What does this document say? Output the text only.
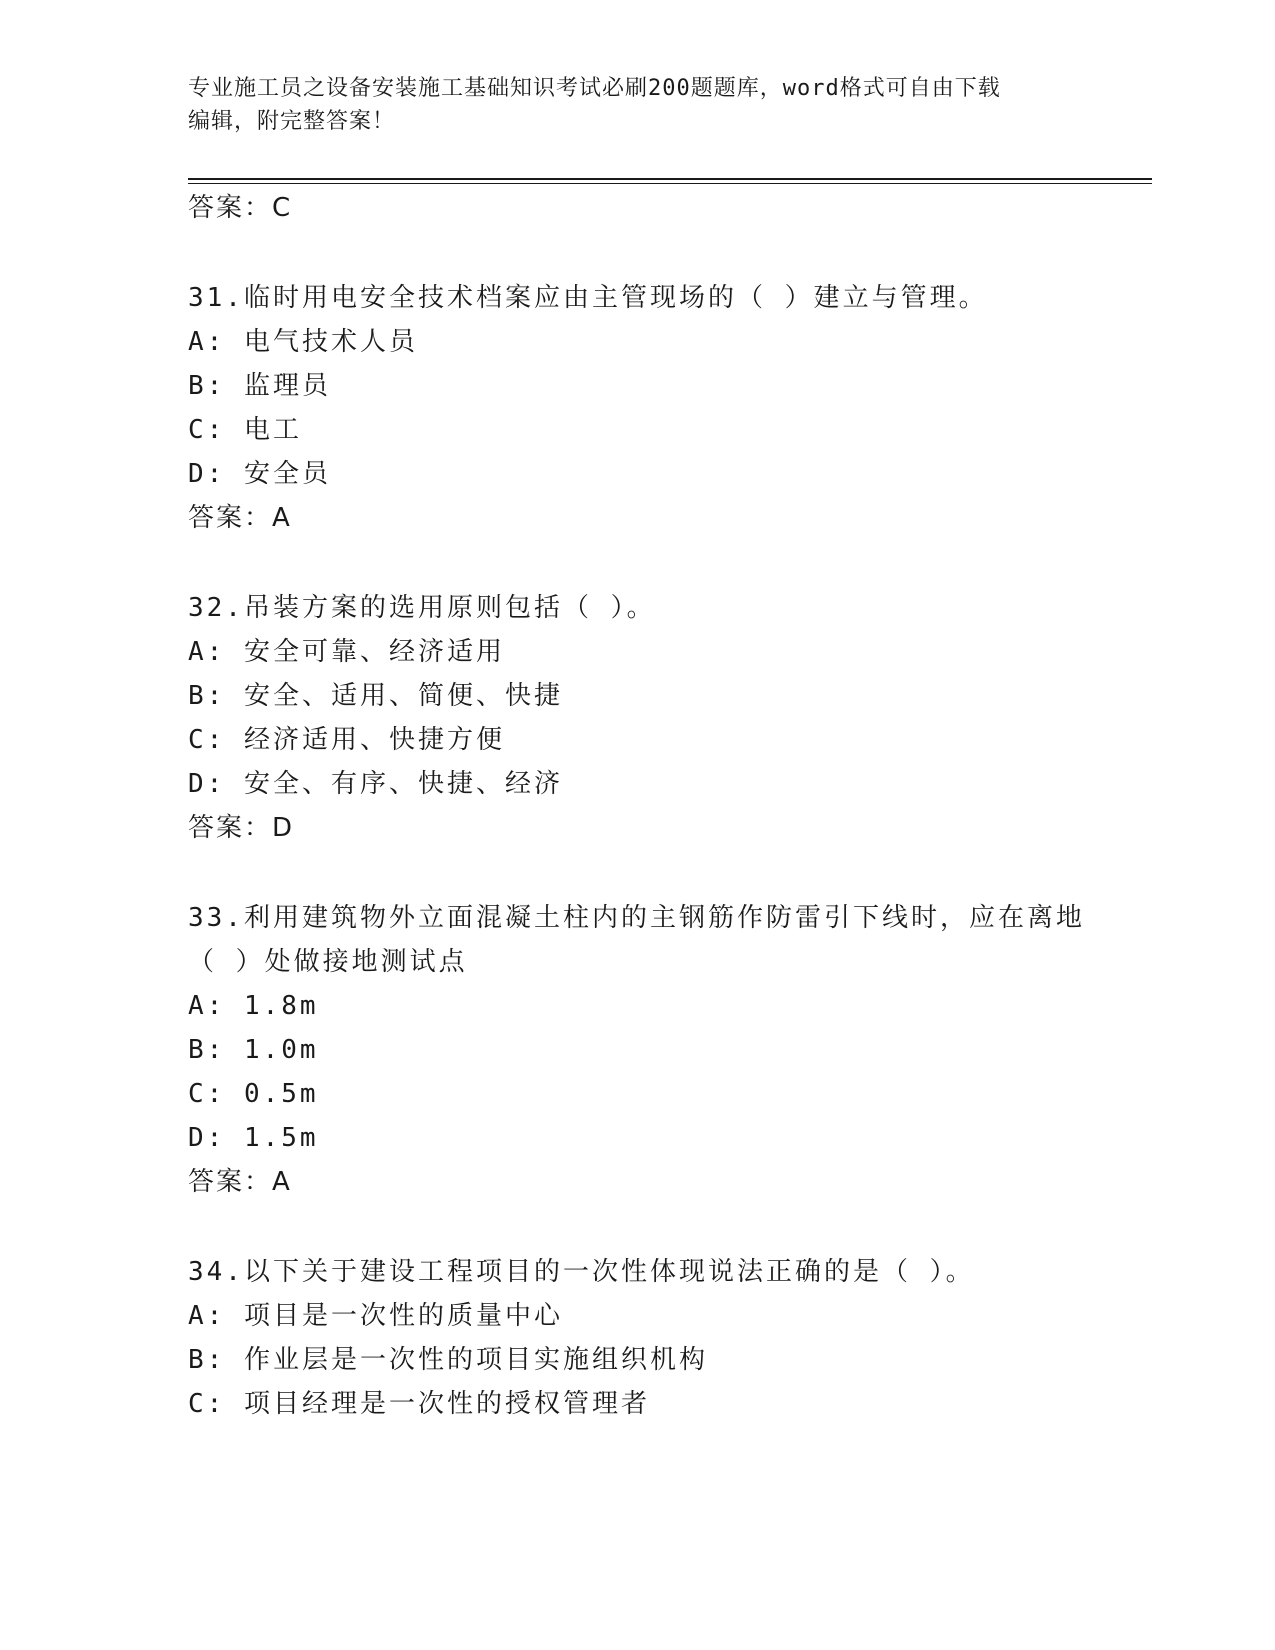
专业施工员之设备安装施工基础知识考试必刷200题题库，word格式可自由下载
编辑，附完整答案！
答案：C
31.临时用电安全技术档案应由主管现场的（ ）建立与管理。
A: 电气技术人员
B: 监理员
C: 电工
D: 安全员
答案：A
32.吊装方案的选用原则包括（ ）。
A: 安全可靠、经济适用
B: 安全、适用、简便、快捷
C: 经济适用、快捷方便
D: 安全、有序、快捷、经济
答案：D
33.利用建筑物外立面混凝土柱内的主钢筋作防雷引下线时，应在离地
（ ）处做接地测试点
A: 1.8m
B: 1.0m
C: 0.5m
D: 1.5m
答案：A
34.以下关于建设工程项目的一次性体现说法正确的是（ ）。
A: 项目是一次性的质量中心
B: 作业层是一次性的项目实施组织机构
C: 项目经理是一次性的授权管理者
